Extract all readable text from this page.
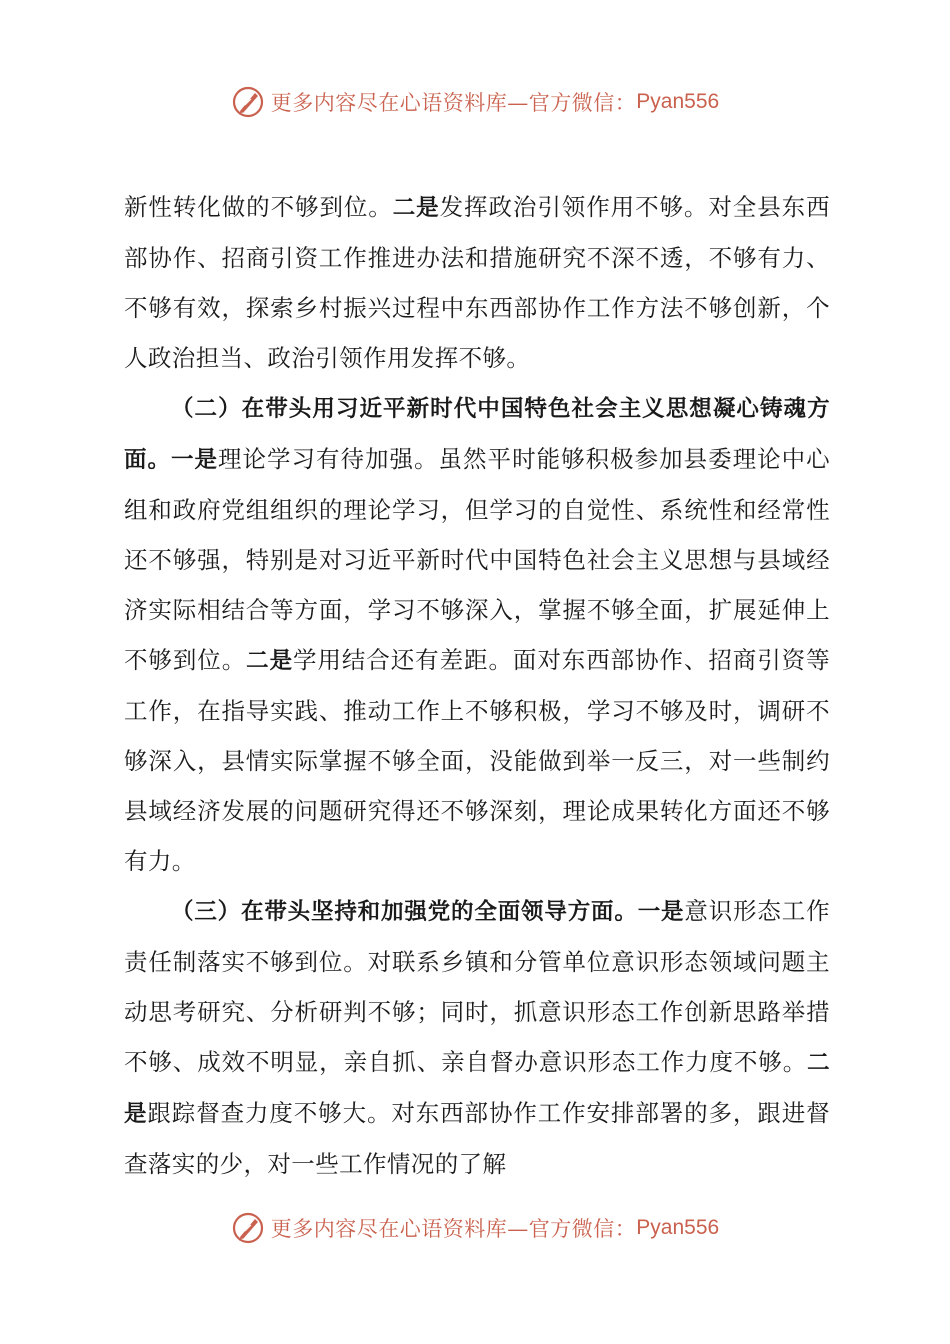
更多内容尽在心语资料库—官方微信： Pyan556

新性转化做的不够到位。二是发挥政治引领作用不够。对全县东西部协作、招商引资工作推进办法和措施研究不深不透，不够有力、不够有效，探索乡村振兴过程中东西部协作工作方法不够创新，个人政治担当、政治引领作用发挥不够。

（二）在带头用习近平新时代中国特色社会主义思想凝心铸魂方面。一是理论学习有待加强。虽然平时能够积极参加县委理论中心组和政府党组组织的理论学习，但学习的自觉性、系统性和经常性还不够强，特别是对习近平新时代中国特色社会主义思想与县域经济实际相结合等方面，学习不够深入，掌握不够全面，扩展延伸上不够到位。二是学用结合还有差距。面对东西部协作、招商引资等工作，在指导实践、推动工作上不够积极，学习不够及时，调研不够深入，县情实际掌握不够全面，没能做到举一反三，对一些制约县域经济发展的问题研究得还不够深刻，理论成果转化方面还不够有力。

（三）在带头坚持和加强党的全面领导方面。一是意识形态工作责任制落实不够到位。对联系乡镇和分管单位意识形态领域问题主动思考研究、分析研判不够；同时，抓意识形态工作创新思路举措不够、成效不明显，亲自抓、亲自督办意识形态工作力度不够。二是跟踪督查力度不够大。对东西部协作工作安排部署的多，跟进督查落实的少，对一些工作情况的了解

更多内容尽在心语资料库—官方微信： Pyan556
